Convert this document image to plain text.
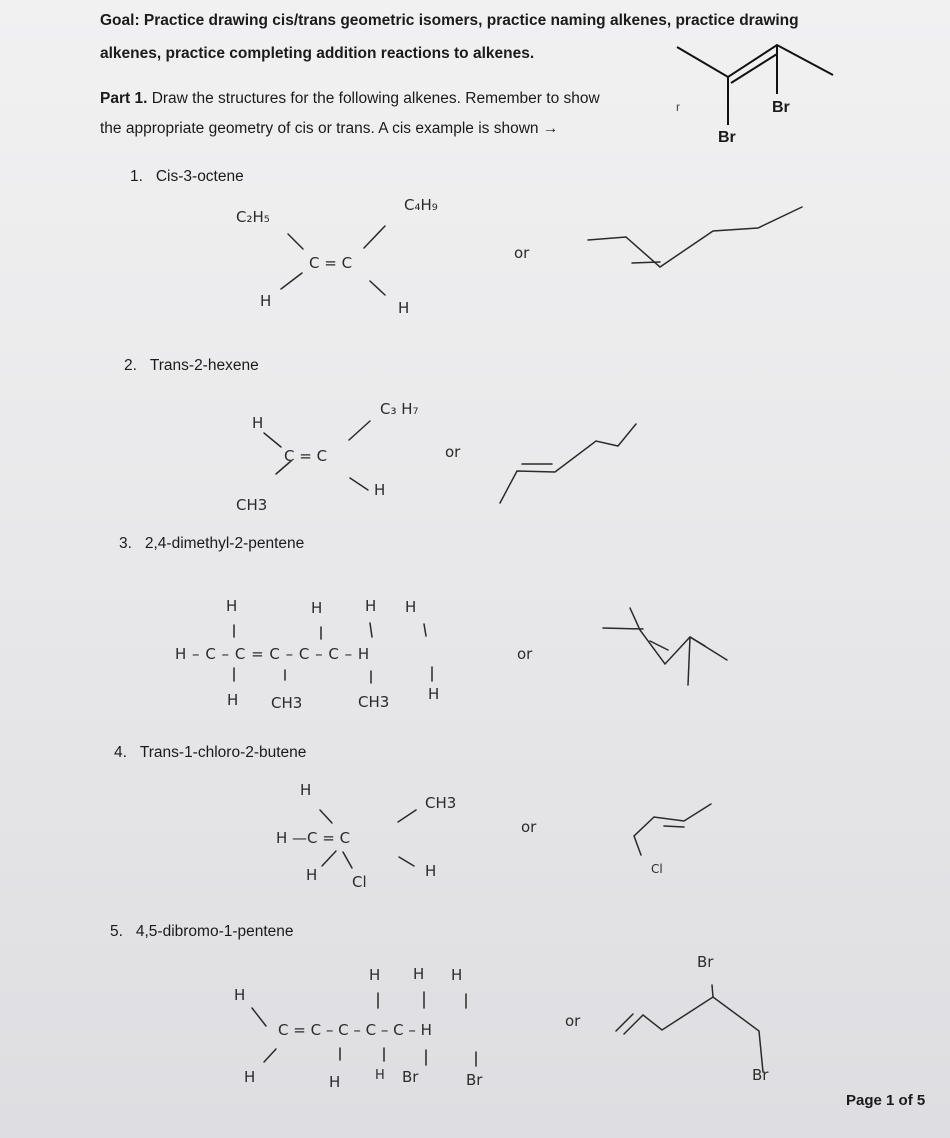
Goal: Practice drawing cis/trans geometric isomers, practice naming alkenes, practice drawing
alkenes, practice completing addition reactions to alkenes.
Part 1. Draw the structures for the following alkenes. Remember to show
the appropriate geometry of cis or trans. A cis example is shown →
Br
Br
r
1. Cis-3-octene
2. Trans-2-hexene
3. 2,4-dimethyl-2-pentene
4. Trans-1-chloro-2-butene
5. 4,5-dibromo-1-pentene
C₂H₅
C₄H₉
C = C
H	H
or
H
C₃ H₇
C = C
CH3
H
or
H	H	H H
H – C – C = C – C – C – H
H CH3	CH3	H
or
H
CH3
H —C = C
H Cl
H
or
Cl
H H H
H
C = C – C – C – C – H
H	H	H Br	Br
or
Br
Br
Page 1 of 5
